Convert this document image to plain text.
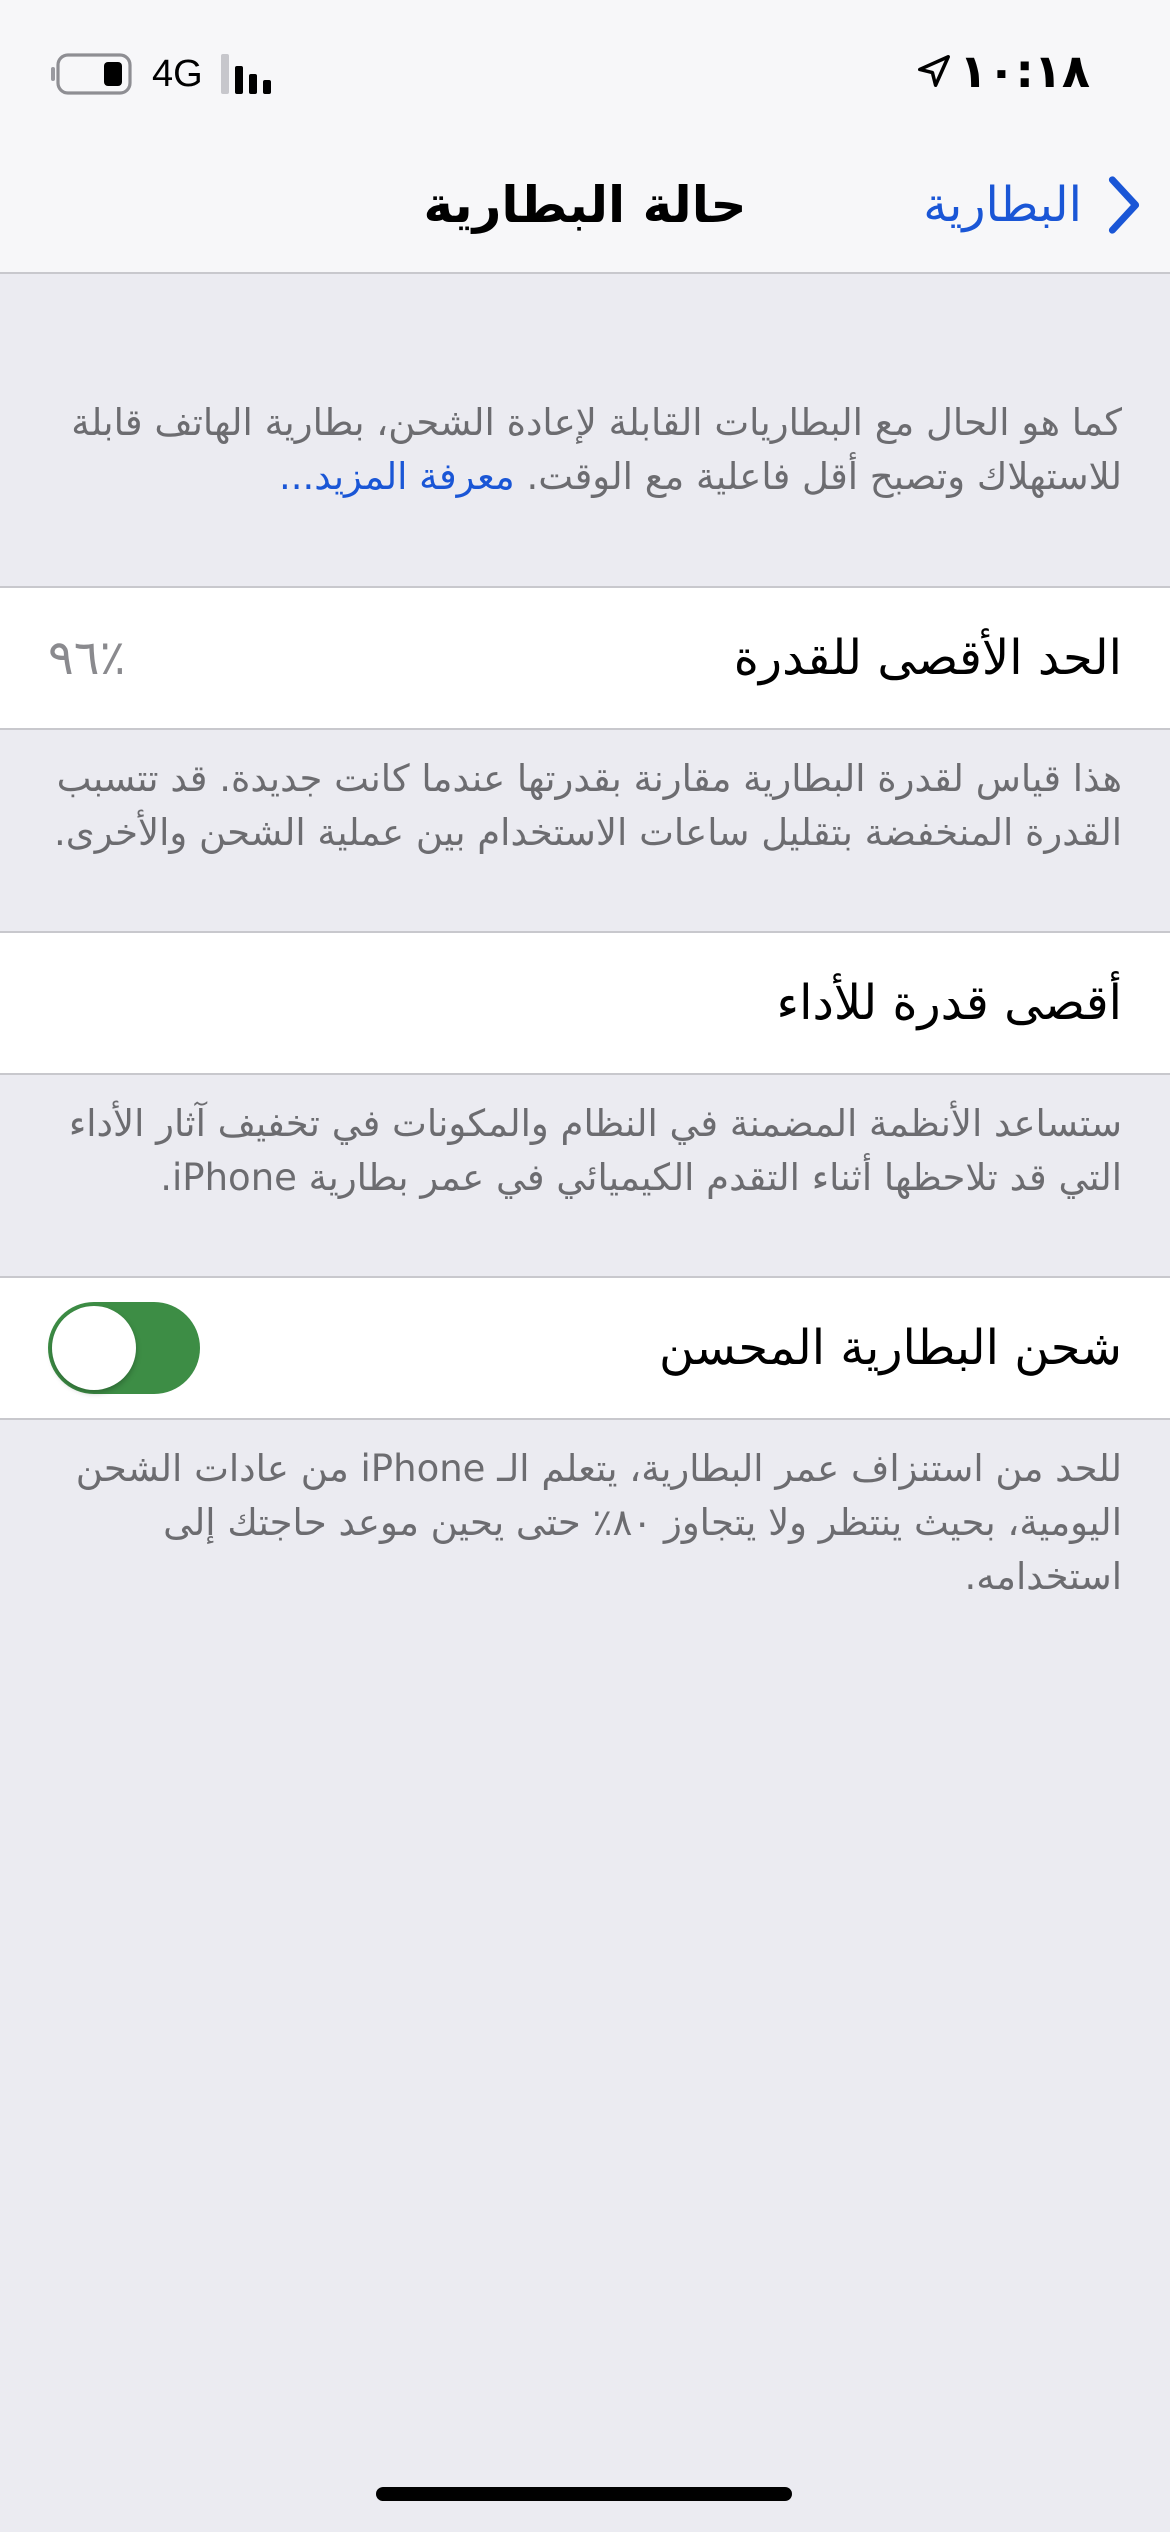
١٠:١٨
4G
حالة البطارية	البطارية
كما هو الحال مع البطاريات القابلة لإعادة الشحن، بطارية الهاتف قابلة للاستهلاك وتصبح أقل فاعلية مع الوقت. معرفة المزيد...
الحد الأقصى للقدرة
٪٩٦
هذا قياس لقدرة البطارية مقارنة بقدرتها عندما كانت جديدة. قد تتسبب القدرة المنخفضة بتقليل ساعات الاستخدام بين عملية الشحن والأخرى.
أقصى قدرة للأداء
ستساعد الأنظمة المضمنة في النظام والمكونات في تخفيف آثار الأداء التي قد تلاحظها أثناء التقدم الكيميائي في عمر بطارية iPhone.
شحن البطارية المحسن
للحد من استنزاف عمر البطارية، يتعلم الـ iPhone من عادات الشحن اليومية، بحيث ينتظر ولا يتجاوز ٨٠٪ حتى يحين موعد حاجتك إلى استخدامه.
